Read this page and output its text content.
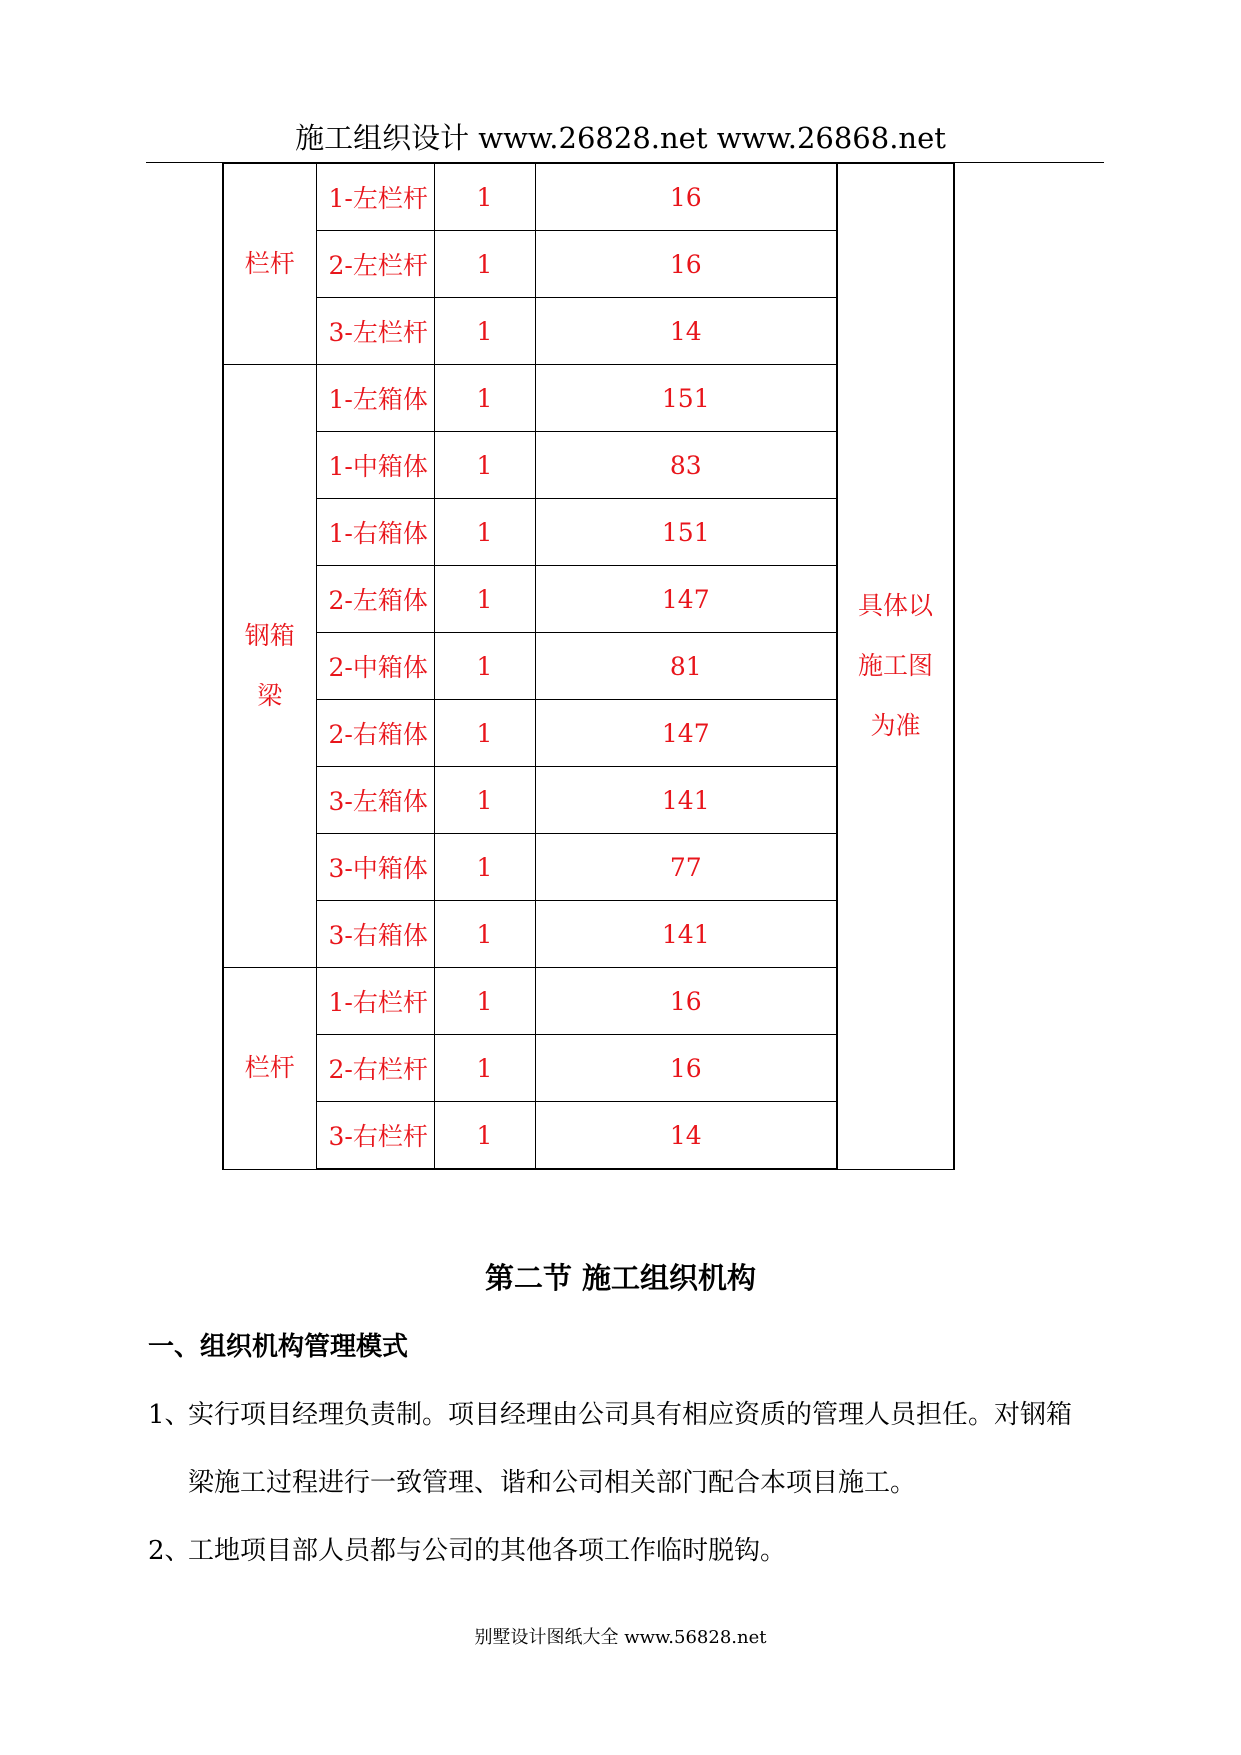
施工组织设计 www.26828.net www.26868.net
栏杆	1-左栏杆	1	16	具体以施工图为准
	2-左栏杆	1	16	
	3-左栏杆	1	14	
钢箱梁	1-左箱体	1	151	
	1-中箱体	1	83	
	1-右箱体	1	151	
	2-左箱体	1	147	
	2-中箱体	1	81	
	2-右箱体	1	147	
	3-左箱体	1	141	
	3-中箱体	1	77	
	3-右箱体	1	141	
栏杆	1-右栏杆	1	16	
	2-右栏杆	1	16	
	3-右栏杆	1	14	
第二节 施工组织机构
一、组织机构管理模式
1、实行项目经理负责制。项目经理由公司具有相应资质的管理人员担任。对钢箱
梁施工过程进行一致管理、谐和公司相关部门配合本项目施工。
2、工地项目部人员都与公司的其他各项工作临时脱钩。
别墅设计图纸大全 www.56828.net
